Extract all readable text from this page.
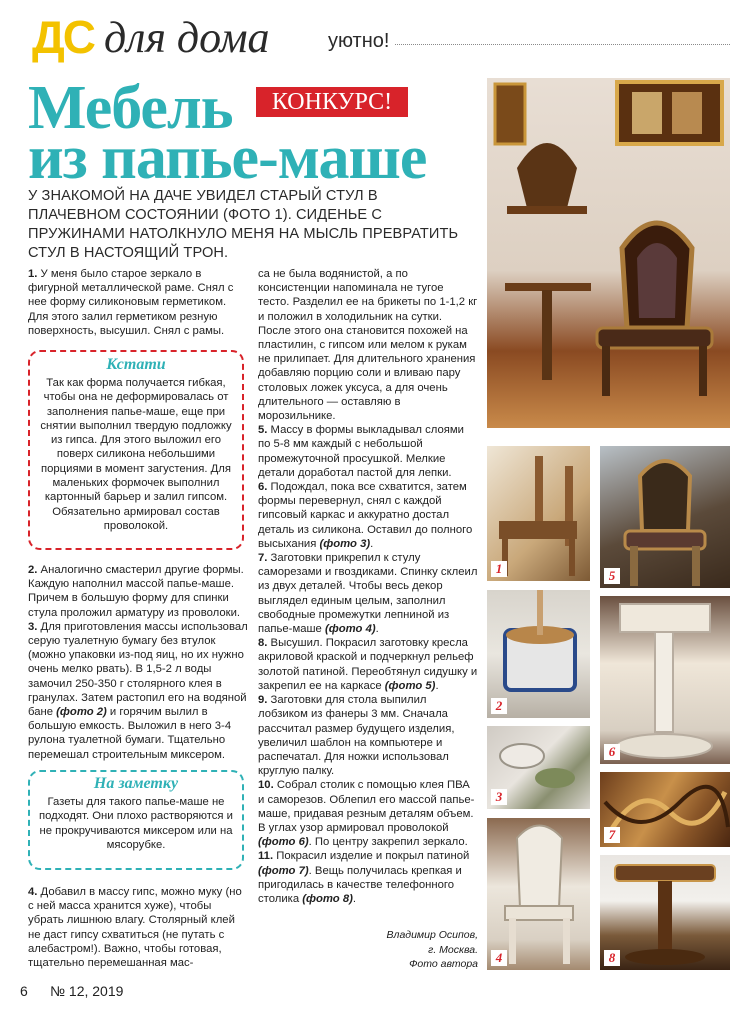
ДС для дома	уютно!
Мебель
из папье-маше
КОНКУРС!
У ЗНАКОМОЙ НА ДАЧЕ УВИДЕЛ СТАРЫЙ СТУЛ В ПЛАЧЕВНОМ СОСТОЯНИИ (ФОТО 1). СИДЕНЬЕ С ПРУЖИНАМИ НАТОЛКНУЛО МЕНЯ НА МЫСЛЬ ПРЕВРАТИТЬ СТУЛ В НАСТОЯЩИЙ ТРОН.

1. У меня было старое зеркало в фигурной металлической раме. Снял с нее форму силиконовым герметиком. Для этого залил герметиком резную поверхность, высушил. Снял с рамы.

Кстати
Так как форма получается гибкая, чтобы она не деформировалась от заполнения папье-маше, еще при снятии выполнил твердую подложку из гипса. Для этого выложил его поверх силикона небольшими порциями в момент загустения. Для маленьких формочек выполнил картонный барьер и залил гипсом. Обязательно армировал состав проволокой.

2. Аналогично смастерил другие формы. Каждую наполнил массой папье-маше. Причем в большую форму для спинки стула проложил арматуру из проволоки.

3. Для приготовления массы использовал серую туалетную бумагу без втулок (можно упаковки из-под яиц, но их нужно очень мелко рвать). В 1,5-2 л воды замочил 250-350 г столярного клея в гранулах. Затем растопил его на водяной бане (фото 2) и горячим вылил в большую емкость. Выложил в него 3-4 рулона туалетной бумаги. Тщательно перемешал строительным миксером.

На заметку
Газеты для такого папье-маше не подходят. Они плохо растворяются и не прокручиваются миксером или на мясорубке.

4. Добавил в массу гипс, можно муку (но с ней масса хранится хуже), чтобы убрать лишнюю влагу. Столярный клей не даст гипсу схватиться (не путать с алебастром!). Важно, чтобы готовая, тщательно перемешанная мас-

са не была водянистой, а по консистенции напоминала не тугое тесто. Разделил ее на брикеты по 1-1,2 кг и положил в холодильник на сутки. После этого она становится похожей на пластилин, с гипсом или мелом к рукам не прилипает. Для длительного хранения добавляю порцию соли и вливаю пару столовых ложек уксуса, а для очень длительного — оставляю в морозильнике.

5. Массу в формы выкладывал слоями по 5-8 мм каждый с небольшой промежуточной просушкой. Мелкие детали доработал пастой для лепки.

6. Подождал, пока все схватится, затем формы перевернул, снял с каждой гипсовый каркас и аккуратно достал деталь из силикона. Оставил до полного высыхания (фото 3).

7. Заготовки прикрепил к стулу саморезами и гвоздиками. Спинку склеил из двух деталей. Чтобы весь декор выглядел единым целым, заполнил свободные промежутки лепниной из папье-маше (фото 4).

8. Высушил. Покрасил заготовку кресла акриловой краской и подчеркнул рельеф золотой патиной. Переобтянул сидушку и закрепил ее на каркасе (фото 5).

9. Заготовки для стола выпилил лобзиком из фанеры 3 мм. Сначала рассчитал размер будущего изделия, увеличил шаблон на компьютере и распечатал. Для ножки использовал круглую палку.

10. Собрал столик с помощью клея ПВА и саморезов. Облепил его массой папье-маше, придавая резным деталям объем. В углах узор армировал проволокой (фото 6). По центру закрепил зеркало.

11. Покрасил изделие и покрыл патиной (фото 7). Вещь получилась крепкая и пригодилась в качестве телефонного столика (фото 8).

Владимир Осипов,
г. Москва.
Фото автора
1	5
2
6
3
7
4	8
6 № 12, 2019
